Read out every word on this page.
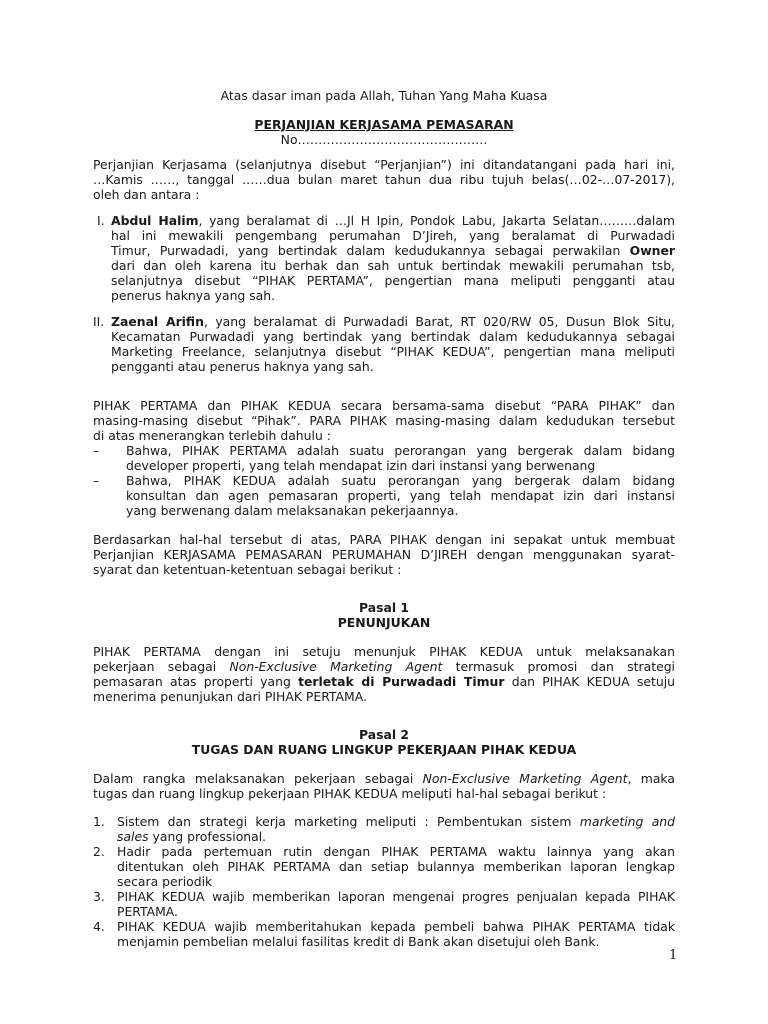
Atas dasar iman pada Allah, Tuhan Yang Maha Kuasa
PERJANJIAN KERJASAMA PEMASARAN
No……………………………………….
Perjanjian Kerjasama (selanjutnya disebut “Perjanjian”) ini ditandatangani pada hari ini,
…Kamis ……, tanggal ……dua bulan maret tahun dua ribu tujuh belas(…02-…07-2017),
oleh dan antara :
I. Abdul Halim, yang beralamat di …Jl H Ipin, Pondok Labu, Jakarta Selatan………dalam
hal ini mewakili pengembang perumahan D’Jireh, yang beralamat di Purwadadi
Timur, Purwadadi, yang bertindak dalam kedudukannya sebagai perwakilan Owner
dari dan oleh karena itu berhak dan sah untuk bertindak mewakili perumahan tsb,
selanjutnya disebut “PIHAK PERTAMA”, pengertian mana meliputi pengganti atau
penerus haknya yang sah.
II. Zaenal Arifin, yang beralamat di Purwadadi Barat, RT 020/RW 05, Dusun Blok Situ,
Kecamatan Purwadadi yang bertindak yang bertindak dalam kedudukannya sebagai
Marketing Freelance, selanjutnya disebut “PIHAK KEDUA”, pengertian mana meliputi
pengganti atau penerus haknya yang sah.
PIHAK PERTAMA dan PIHAK KEDUA secara bersama-sama disebut “PARA PIHAK” dan
masing-masing disebut “Pihak”. PARA PIHAK masing-masing dalam kedudukan tersebut
di atas menerangkan terlebih dahulu :
–	Bahwa, PIHAK PERTAMA adalah suatu perorangan yang bergerak dalam bidang
developer properti, yang telah mendapat izin dari instansi yang berwenang
–	Bahwa, PIHAK KEDUA adalah suatu perorangan yang bergerak dalam bidang
konsultan dan agen pemasaran properti, yang telah mendapat izin dari instansi
yang berwenang dalam melaksanakan pekerjaannya.
Berdasarkan hal-hal tersebut di atas, PARA PIHAK dengan ini sepakat untuk membuat
Perjanjian KERJASAMA PEMASARAN PERUMAHAN D’JIREH dengan menggunakan syarat-
syarat dan ketentuan-ketentuan sebagai berikut :
Pasal 1
PENUNJUKAN
PIHAK PERTAMA dengan ini setuju menunjuk PIHAK KEDUA untuk melaksanakan
pekerjaan sebagai Non-Exclusive Marketing Agent termasuk promosi dan strategi
pemasaran atas properti yang terletak di Purwadadi Timur dan PIHAK KEDUA setuju
menerima penunjukan dari PIHAK PERTAMA.
Pasal 2
TUGAS DAN RUANG LINGKUP PEKERJAAN PIHAK KEDUA
Dalam rangka melaksanakan pekerjaan sebagai Non-Exclusive Marketing Agent, maka
tugas dan ruang lingkup pekerjaan PIHAK KEDUA meliputi hal-hal sebagai berikut :
1. Sistem dan strategi kerja marketing meliputi : Pembentukan sistem marketing and
sales yang professional.
2. Hadir pada pertemuan rutin dengan PIHAK PERTAMA waktu lainnya yang akan
ditentukan oleh PIHAK PERTAMA dan setiap bulannya memberikan laporan lengkap
secara periodik
3. PIHAK KEDUA wajib memberikan laporan mengenai progres penjualan kepada PIHAK
PERTAMA.
4. PIHAK KEDUA wajib memberitahukan kepada pembeli bahwa PIHAK PERTAMA tidak
menjamin pembelian melalui fasilitas kredit di Bank akan disetujui oleh Bank.
1
